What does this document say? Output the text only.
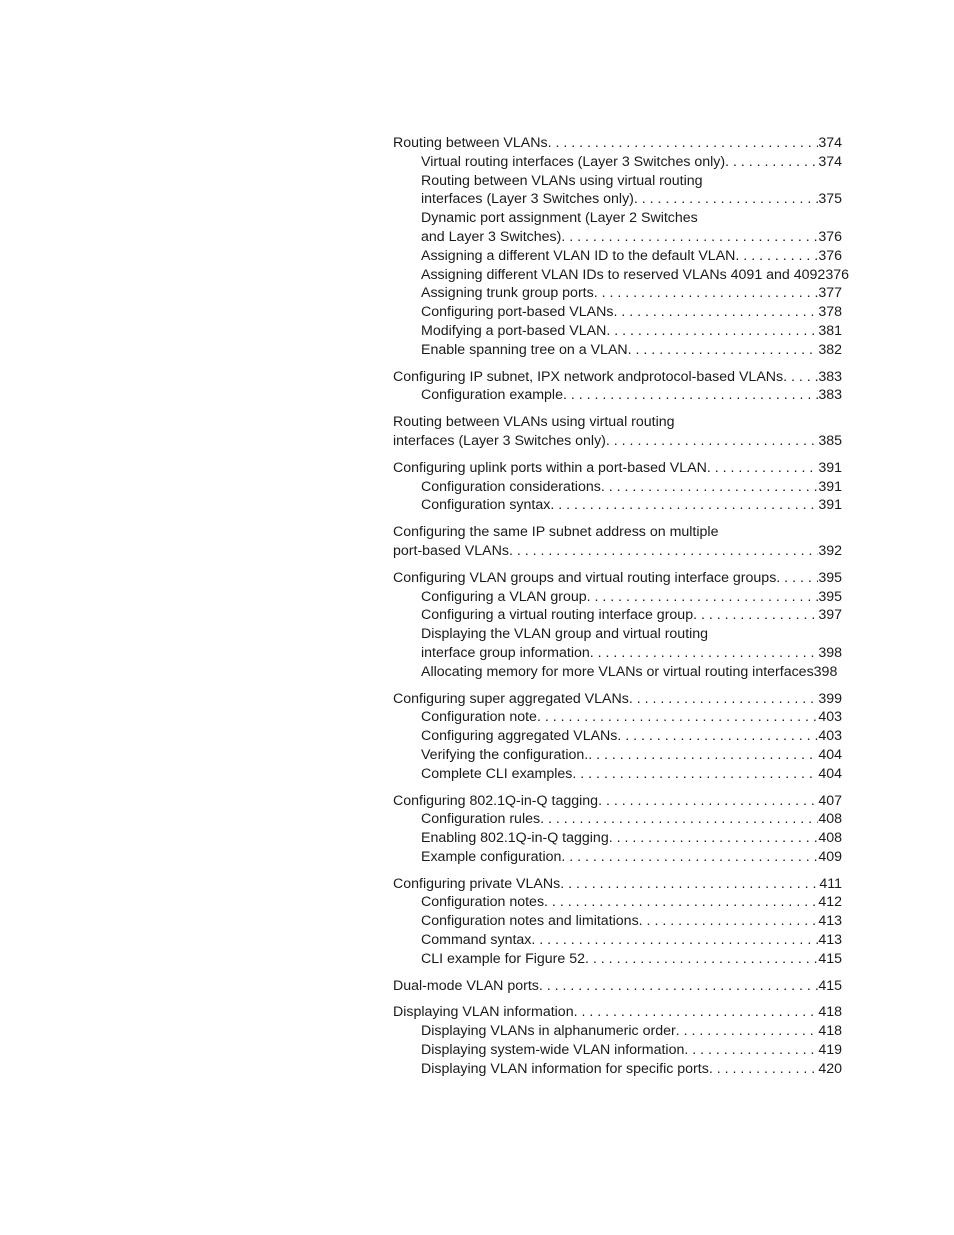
Routing between VLANs . . .	374
Virtual routing interfaces (Layer 3 Switches only) . . .	374
Routing between VLANs using virtual routing
interfaces (Layer 3 Switches only) . . .	375
Dynamic port assignment (Layer 2 Switches
and Layer 3 Switches) . . .	376
Assigning a different VLAN ID to the default VLAN . . .	376
Assigning different VLAN IDs to reserved VLANs 4091 and 4092 376
Assigning trunk group ports . . .	377
Configuring port-based VLANs . . .	378
Modifying a port-based VLAN . . .	381
Enable spanning tree on a VLAN . . .	382
Configuring IP subnet, IPX network andprotocol-based VLANs . . . 383
Configuration example . . .	383
Routing between VLANs using virtual routing
interfaces (Layer 3 Switches only) . . .	385
Configuring uplink ports within a port-based VLAN . . .	391
Configuration considerations . . .	391
Configuration syntax . . .	391
Configuring the same IP subnet address on multiple
port-based VLANs . . .	392
Configuring VLAN groups and virtual routing interface groups . . .	395
Configuring a VLAN group . . .	395
Configuring a virtual routing interface group . . .	397
Displaying the VLAN group and virtual routing
interface group information . . .	398
Allocating memory for more VLANs or virtual routing interfaces 398
Configuring super aggregated VLANs . . .	399
Configuration note . . .	403
Configuring aggregated VLANs . . .	403
Verifying the configuration. . . .	404
Complete CLI examples . . .	404
Configuring 802.1Q-in-Q tagging . . .	407
Configuration rules . . .	408
Enabling 802.1Q-in-Q tagging . . .	408
Example configuration . . .	409
Configuring private VLANs . . .	411
Configuration notes . . .	412
Configuration notes and limitations . . .	413
Command syntax . . .	413
CLI example for Figure 52 . . .	415
Dual-mode VLAN ports . . .	415
Displaying VLAN information . . .	418
Displaying VLANs in alphanumeric order . . .	418
Displaying system-wide VLAN information . . .	419
Displaying VLAN information for specific ports . . .	420
